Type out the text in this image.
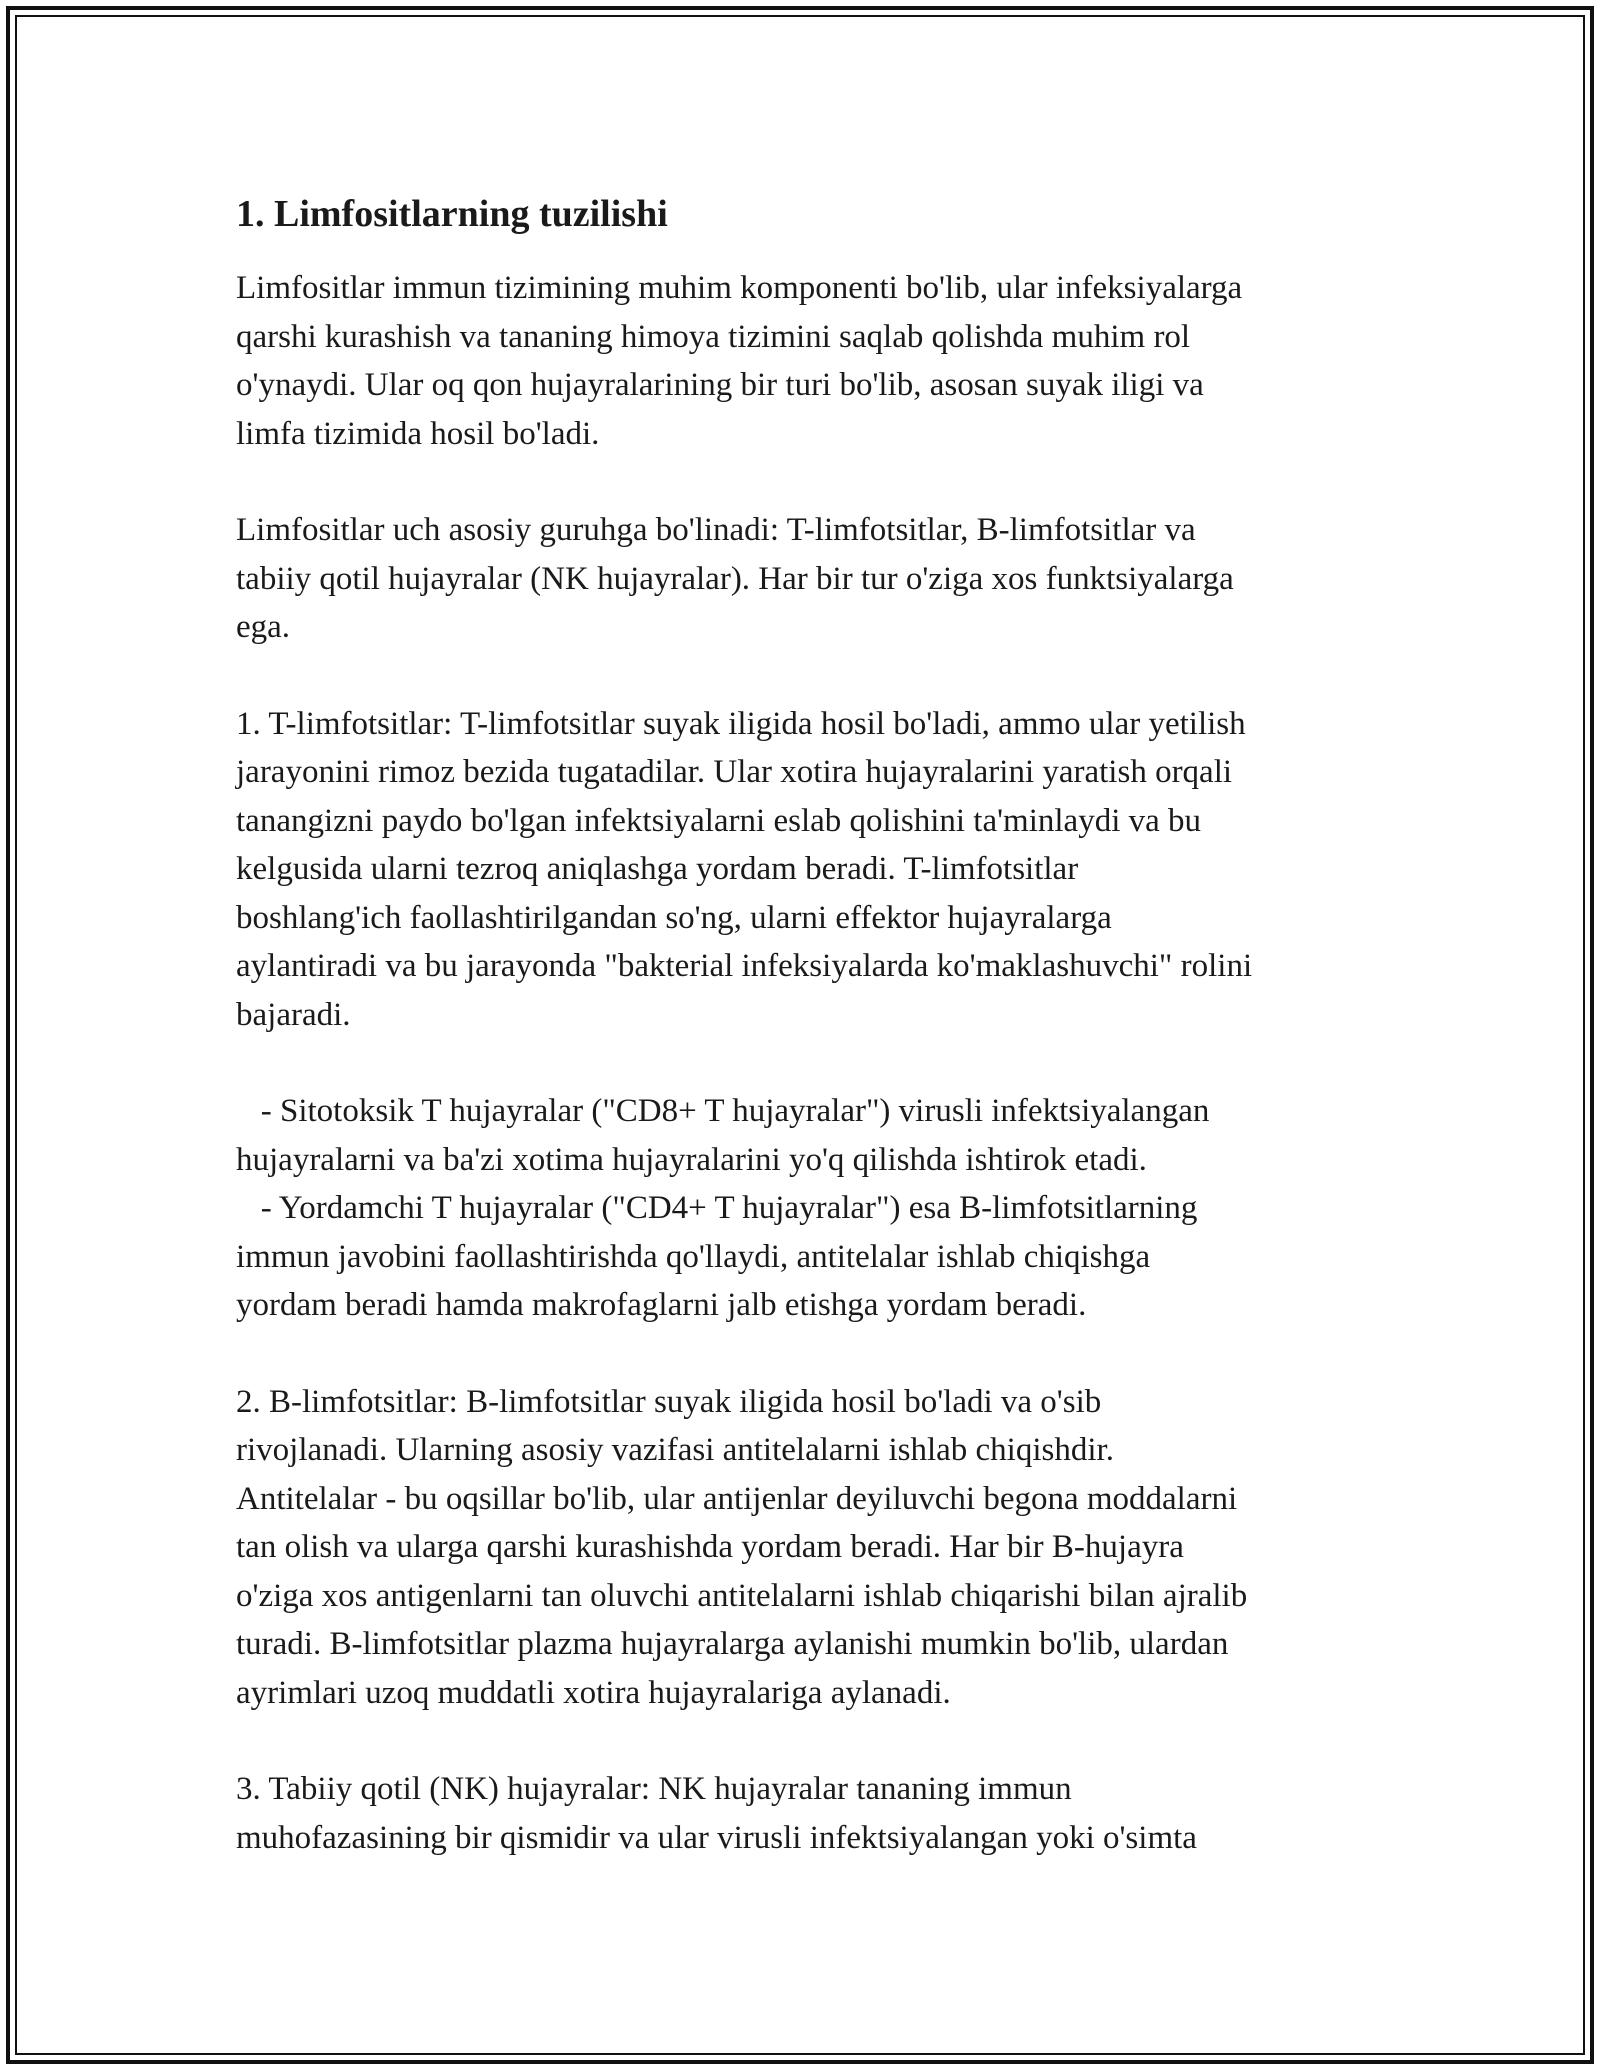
1. Limfositlarning tuzilishi
Limfositlar immun tizimining muhim komponenti bo'lib, ular infeksiyalarga
qarshi kurashish va tananing himoya tizimini saqlab qolishda muhim rol
o'ynaydi. Ular oq qon hujayralarining bir turi bo'lib, asosan suyak iligi va
limfa tizimida hosil bo'ladi.
Limfositlar uch asosiy guruhga bo'linadi: T-limfotsitlar, B-limfotsitlar va
tabiiy qotil hujayralar (NK hujayralar). Har bir tur o'ziga xos funktsiyalarga
ega.
1. T-limfotsitlar: T-limfotsitlar suyak iligida hosil bo'ladi, ammo ular yetilish
jarayonini rimoz bezida tugatadilar. Ular xotira hujayralarini yaratish orqali
tanangizni paydo bo'lgan infektsiyalarni eslab qolishini ta'minlaydi va bu
kelgusida ularni tezroq aniqlashga yordam beradi. T-limfotsitlar
boshlang'ich faollashtirilgandan so'ng, ularni effektor hujayralarga
aylantiradi va bu jarayonda "bakterial infeksiyalarda ko'maklashuvchi" rolini
bajaradi.
- Sitotoksik T hujayralar ("CD8+ T hujayralar") virusli infektsiyalangan
hujayralarni va ba'zi xotima hujayralarini yo'q qilishda ishtirok etadi.
- Yordamchi T hujayralar ("CD4+ T hujayralar") esa B-limfotsitlarning
immun javobini faollashtirishda qo'llaydi, antitelalar ishlab chiqishga
yordam beradi hamda makrofaglarni jalb etishga yordam beradi.
2. B-limfotsitlar: B-limfotsitlar suyak iligida hosil bo'ladi va o'sib
rivojlanadi. Ularning asosiy vazifasi antitelalarni ishlab chiqishdir.
Antitelalar - bu oqsillar bo'lib, ular antijenlar deyiluvchi begona moddalarni
tan olish va ularga qarshi kurashishda yordam beradi. Har bir B-hujayra
o'ziga xos antigenlarni tan oluvchi antitelalarni ishlab chiqarishi bilan ajralib
turadi. B-limfotsitlar plazma hujayralarga aylanishi mumkin bo'lib, ulardan
ayrimlari uzoq muddatli xotira hujayralariga aylanadi.
3. Tabiiy qotil (NK) hujayralar: NK hujayralar tananing immun
muhofazasining bir qismidir va ular virusli infektsiyalangan yoki o'simta
